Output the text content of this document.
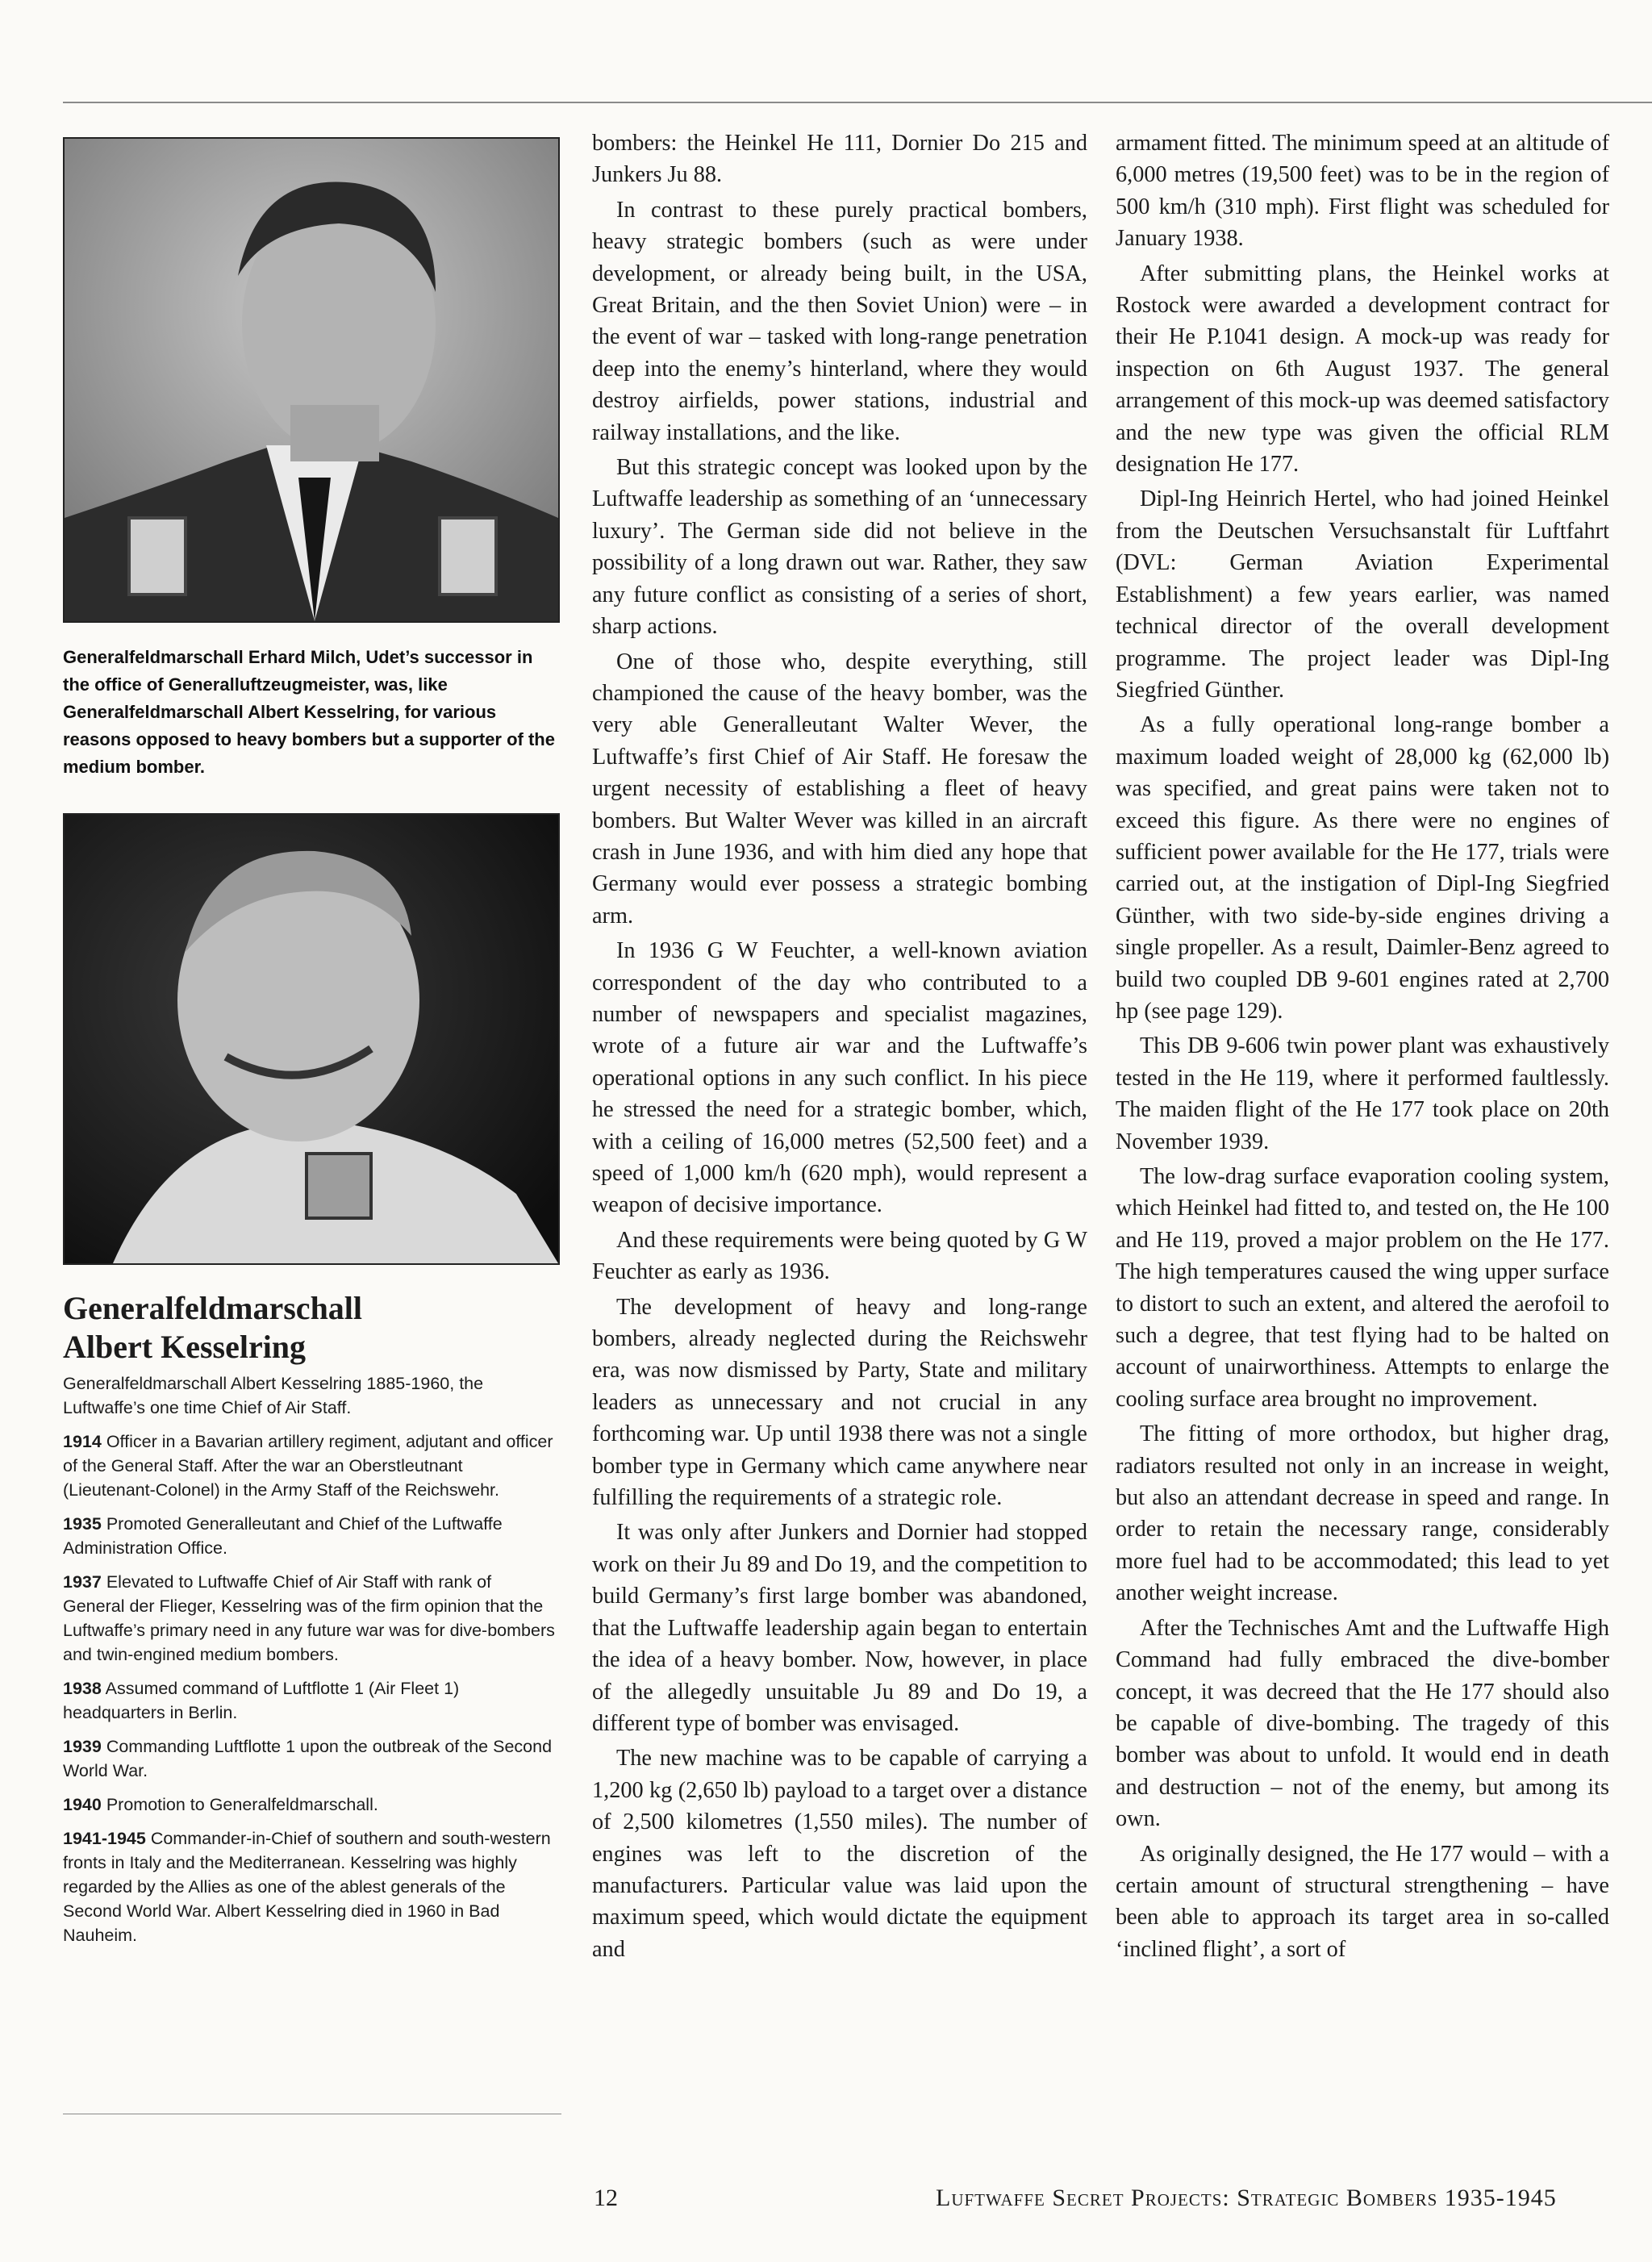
Generalfeldmarschall Erhard Milch, Udet’s successor in the office of Generalluftzeugmeister, was, like Generalfeldmarschall Albert Kesselring, for various reasons opposed to heavy bombers but a supporter of the medium bomber.
Generalfeldmarschall
Albert Kesselring

Generalfeldmarschall Albert Kesselring 1885-1960, the Luftwaffe’s one time Chief of Air Staff.

1914 Officer in a Bavarian artillery regiment, adjutant and officer of the General Staff. After the war an Oberstleutnant (Lieutenant-Colonel) in the Army Staff of the Reichswehr.

1935 Promoted Generalleutant and Chief of the Luftwaffe Administration Office.

1937 Elevated to Luftwaffe Chief of Air Staff with rank of General der Flieger, Kesselring was of the firm opinion that the Luftwaffe’s primary need in any future war was for dive-bombers and twin-engined medium bombers.

1938 Assumed command of Luftflotte 1 (Air Fleet 1) headquarters in Berlin.

1939 Commanding Luftflotte 1 upon the outbreak of the Second World War.

1940 Promotion to Generalfeldmarschall.

1941-1945 Commander-in-Chief of southern and south-western fronts in Italy and the Mediterranean. Kesselring was highly regarded by the Allies as one of the ablest generals of the Second World War. Albert Kesselring died in 1960 in Bad Nauheim.

bombers: the Heinkel He 111, Dornier Do 215 and Junkers Ju 88.

In contrast to these purely practical bombers, heavy strategic bombers (such as were under development, or already being built, in the USA, Great Britain, and the then Soviet Union) were – in the event of war – tasked with long-range penetration deep into the enemy’s hinterland, where they would destroy airfields, power stations, industrial and railway installations, and the like.

But this strategic concept was looked upon by the Luftwaffe leadership as something of an ‘unnecessary luxury’. The German side did not believe in the possibility of a long drawn out war. Rather, they saw any future conflict as consisting of a series of short, sharp actions.

One of those who, despite everything, still championed the cause of the heavy bomber, was the very able Generalleutant Walter Wever, the Luftwaffe’s first Chief of Air Staff. He foresaw the urgent necessity of establishing a fleet of heavy bombers. But Walter Wever was killed in an aircraft crash in June 1936, and with him died any hope that Germany would ever possess a strategic bombing arm.

In 1936 G W Feuchter, a well-known aviation correspondent of the day who contributed to a number of newspapers and specialist magazines, wrote of a future air war and the Luftwaffe’s operational options in any such conflict. In his piece he stressed the need for a strategic bomber, which, with a ceiling of 16,000 metres (52,500 feet) and a speed of 1,000 km/h (620 mph), would represent a weapon of decisive importance.

And these requirements were being quoted by G W Feuchter as early as 1936.

The development of heavy and long-range bombers, already neglected during the Reichswehr era, was now dismissed by Party, State and military leaders as unnecessary and not crucial in any forthcoming war. Up until 1938 there was not a single bomber type in Germany which came anywhere near fulfilling the requirements of a strategic role.

It was only after Junkers and Dornier had stopped work on their Ju 89 and Do 19, and the competition to build Germany’s first large bomber was abandoned, that the Luftwaffe leadership again began to entertain the idea of a heavy bomber. Now, however, in place of the allegedly unsuitable Ju 89 and Do 19, a different type of bomber was envisaged.

The new machine was to be capable of carrying a 1,200 kg (2,650 lb) payload to a target over a distance of 2,500 kilometres (1,550 miles). The number of engines was left to the discretion of the manufacturers. Particular value was laid upon the maximum speed, which would dictate the equipment and

armament fitted. The minimum speed at an altitude of 6,000 metres (19,500 feet) was to be in the region of 500 km/h (310 mph). First flight was scheduled for January 1938.

After submitting plans, the Heinkel works at Rostock were awarded a development contract for their He P.1041 design. A mock-up was ready for inspection on 6th August 1937. The general arrangement of this mock-up was deemed satisfactory and the new type was given the official RLM designation He 177.

Dipl-Ing Heinrich Hertel, who had joined Heinkel from the Deutschen Versuchsanstalt für Luftfahrt (DVL: German Aviation Experimental Establishment) a few years earlier, was named technical director of the overall development programme. The project leader was Dipl-Ing Siegfried Günther.

As a fully operational long-range bomber a maximum loaded weight of 28,000 kg (62,000 lb) was specified, and great pains were taken not to exceed this figure. As there were no engines of sufficient power available for the He 177, trials were carried out, at the instigation of Dipl-Ing Siegfried Günther, with two side-by-side engines driving a single propeller. As a result, Daimler-Benz agreed to build two coupled DB 9-601 engines rated at 2,700 hp (see page 129).

This DB 9-606 twin power plant was exhaustively tested in the He 119, where it performed faultlessly. The maiden flight of the He 177 took place on 20th November 1939.

The low-drag surface evaporation cooling system, which Heinkel had fitted to, and tested on, the He 100 and He 119, proved a major problem on the He 177. The high temperatures caused the wing upper surface to distort to such an extent, and altered the aerofoil to such a degree, that test flying had to be halted on account of unairworthiness. Attempts to enlarge the cooling surface area brought no improvement.

The fitting of more orthodox, but higher drag, radiators resulted not only in an increase in weight, but also an attendant decrease in speed and range. In order to retain the necessary range, considerably more fuel had to be accommodated; this lead to yet another weight increase.

After the Technisches Amt and the Luftwaffe High Command had fully embraced the dive-bomber concept, it was decreed that the He 177 should also be capable of dive-bombing. The tragedy of this bomber was about to unfold. It would end in death and destruction – not of the enemy, but among its own.

As originally designed, the He 177 would – with a certain amount of structural strengthening – have been able to approach its target area in so-called ‘inclined flight’, a sort of

12	Luftwaffe Secret Projects: Strategic Bombers 1935-1945
